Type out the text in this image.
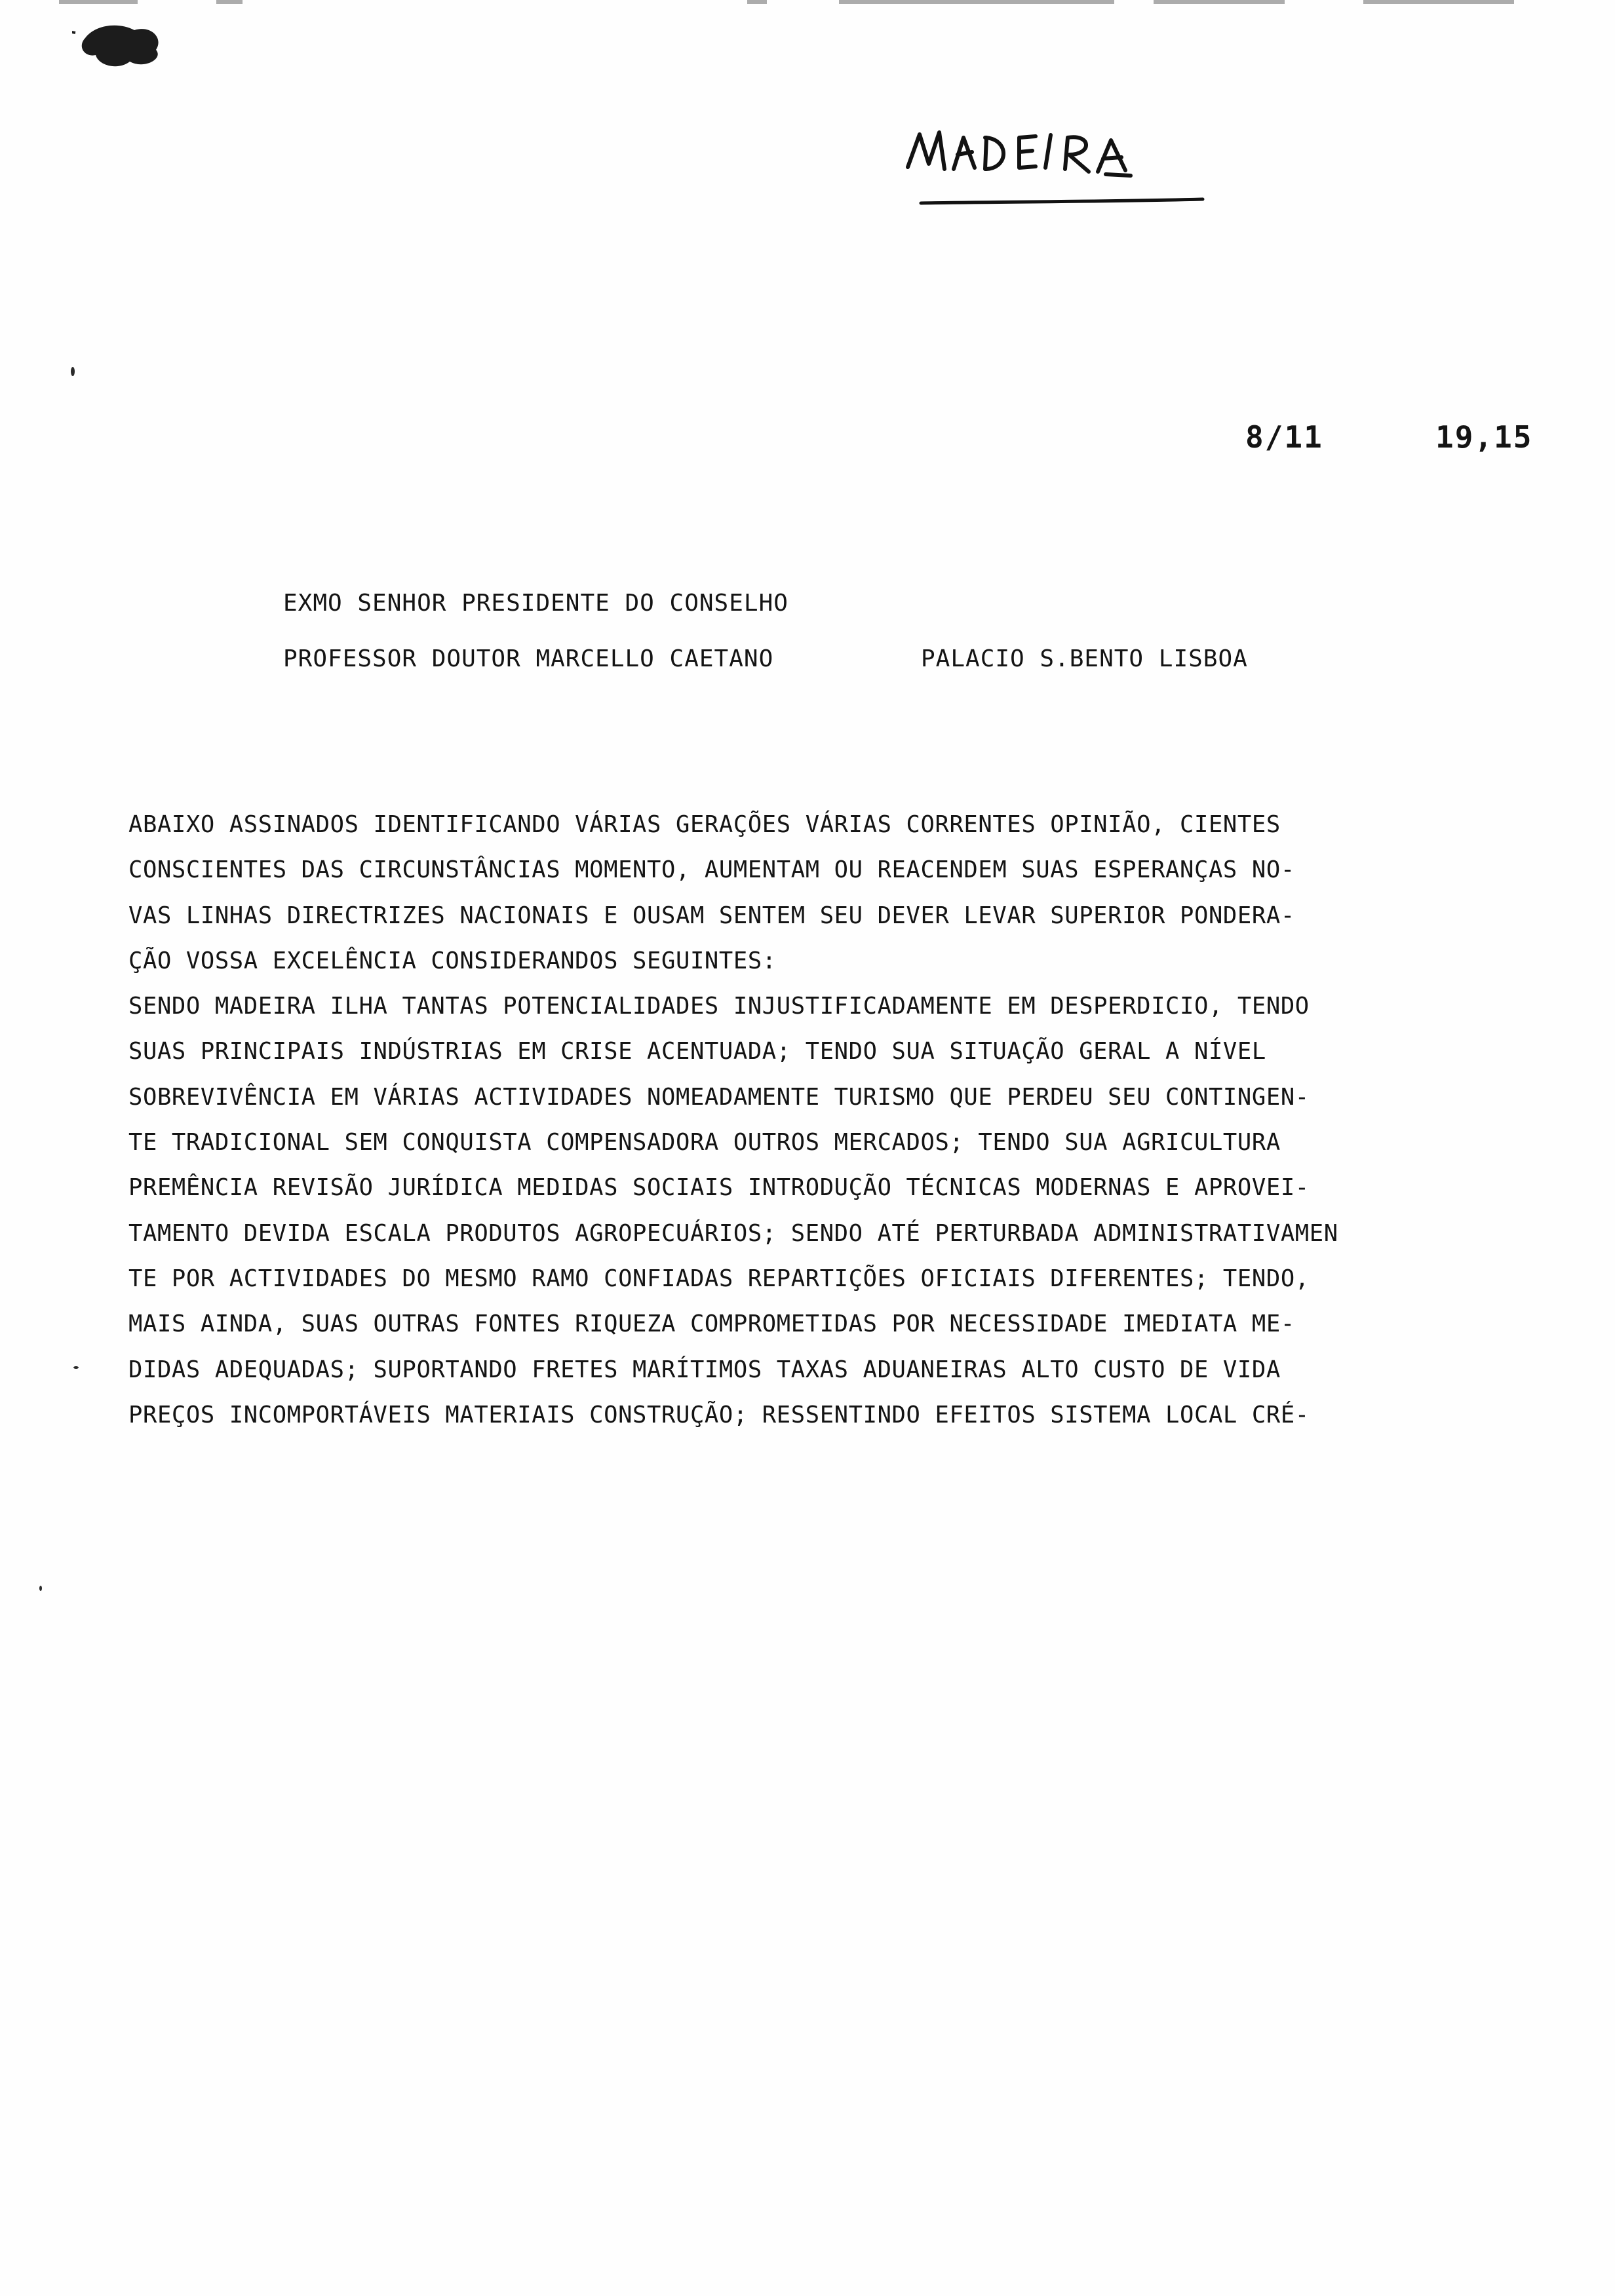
8/11	19,15
EXMO SENHOR PRESIDENTE DO CONSELHO
PROFESSOR DOUTOR MARCELLO CAETANO	PALACIO S.BENTO LISBOA
ABAIXO ASSINADOS IDENTIFICANDO VÁRIAS GERAÇÕES VÁRIAS CORRENTES OPINIÃO, CIENTES
CONSCIENTES DAS CIRCUNSTÂNCIAS MOMENTO, AUMENTAM OU REACENDEM SUAS ESPERANÇAS NO-
VAS LINHAS DIRECTRIZES NACIONAIS E OUSAM SENTEM SEU DEVER LEVAR SUPERIOR PONDERA-
ÇÃO VOSSA EXCELÊNCIA CONSIDERANDOS SEGUINTES:
SENDO MADEIRA ILHA TANTAS POTENCIALIDADES INJUSTIFICADAMENTE EM DESPERDICIO, TENDO
SUAS PRINCIPAIS INDÚSTRIAS EM CRISE ACENTUADA; TENDO SUA SITUAÇÃO GERAL A NÍVEL
SOBREVIVÊNCIA EM VÁRIAS ACTIVIDADES NOMEADAMENTE TURISMO QUE PERDEU SEU CONTINGEN-
TE TRADICIONAL SEM CONQUISTA COMPENSADORA OUTROS MERCADOS; TENDO SUA AGRICULTURA
PREMÊNCIA REVISÃO JURÍDICA MEDIDAS SOCIAIS INTRODUÇÃO TÉCNICAS MODERNAS E APROVEI-
TAMENTO DEVIDA ESCALA PRODUTOS AGROPECUÁRIOS; SENDO ATÉ PERTURBADA ADMINISTRATIVAMEN
TE POR ACTIVIDADES DO MESMO RAMO CONFIADAS REPARTIÇÕES OFICIAIS DIFERENTES; TENDO,
MAIS AINDA, SUAS OUTRAS FONTES RIQUEZA COMPROMETIDAS POR NECESSIDADE IMEDIATA ME-
DIDAS ADEQUADAS; SUPORTANDO FRETES MARÍTIMOS TAXAS ADUANEIRAS ALTO CUSTO DE VIDA
PREÇOS INCOMPORTÁVEIS MATERIAIS CONSTRUÇÃO; RESSENTINDO EFEITOS SISTEMA LOCAL CRÉ-
